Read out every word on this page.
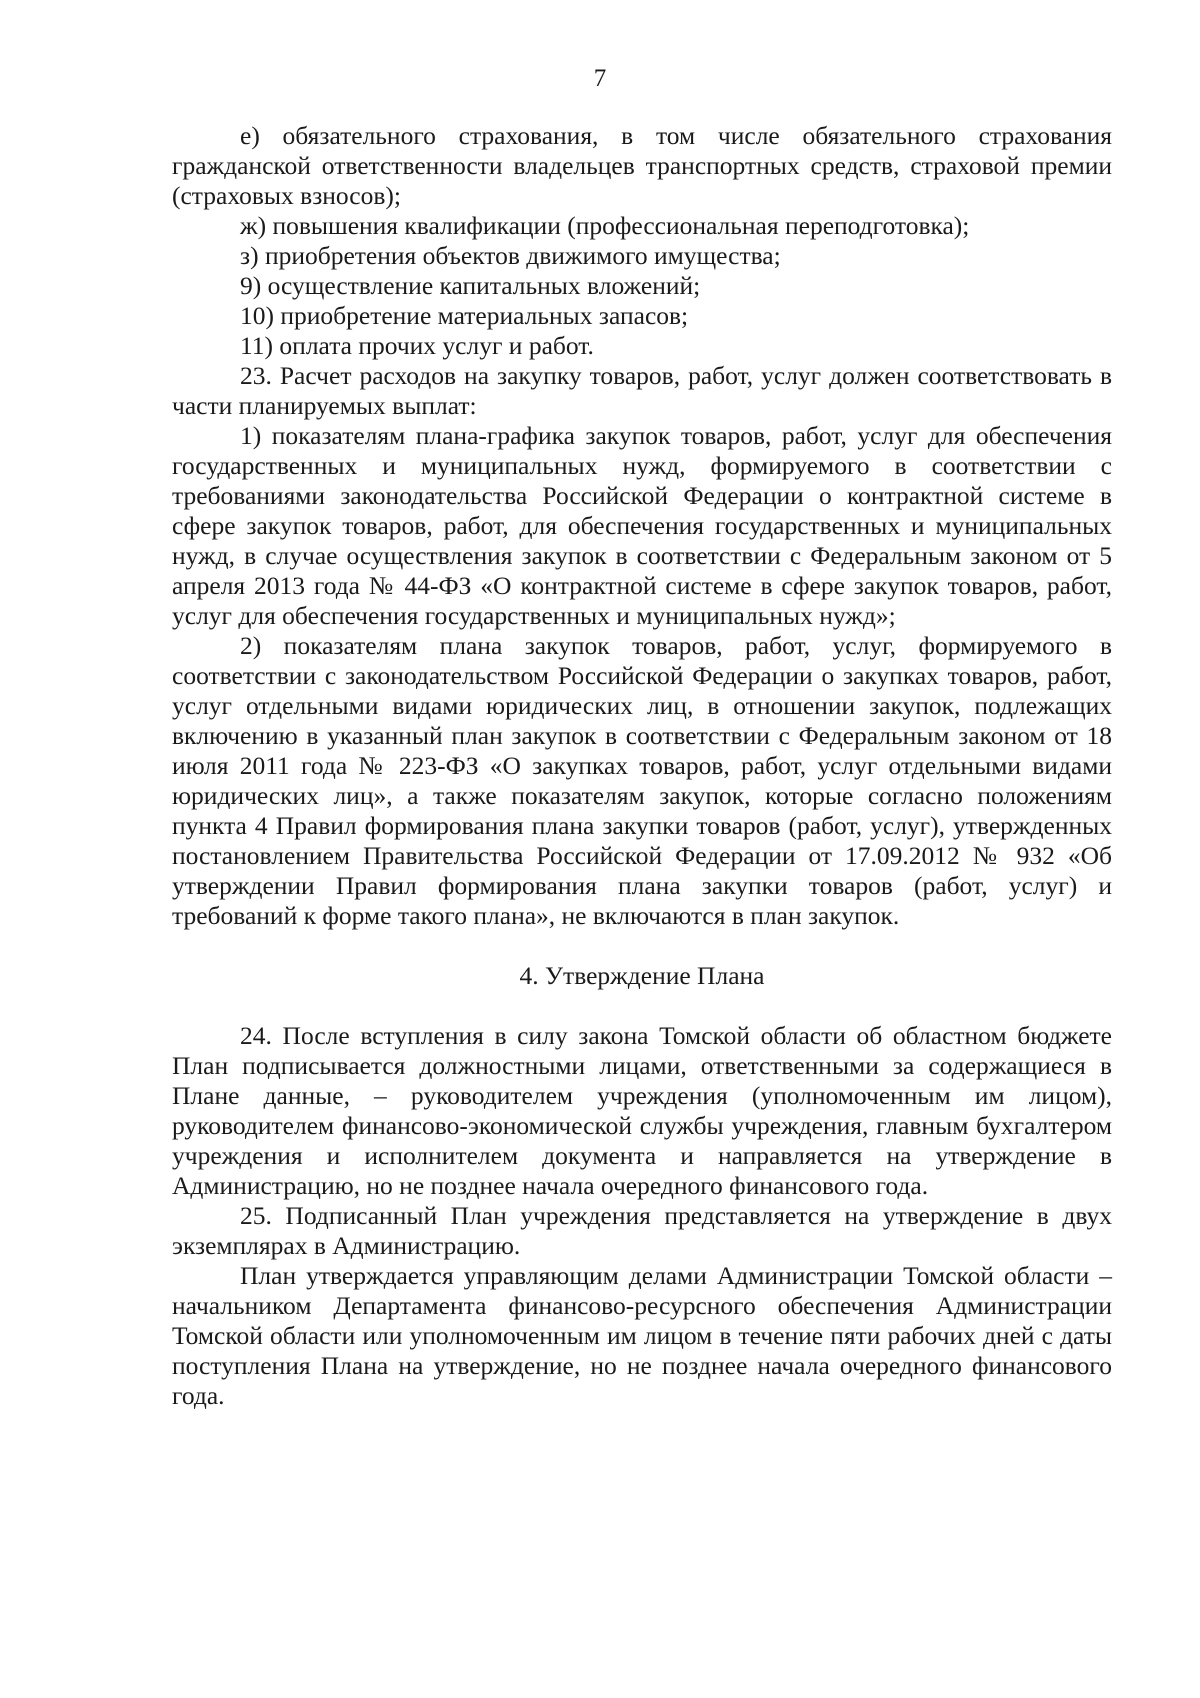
7

е) обязательного страхования, в том числе обязательного страхования гражданской ответственности владельцев транспортных средств, страховой премии (страховых взносов);

ж) повышения квалификации (профессиональная переподготовка);

з) приобретения объектов движимого имущества;

9) осуществление капитальных вложений;

10) приобретение материальных запасов;

11) оплата прочих услуг и работ.

23. Расчет расходов на закупку товаров, работ, услуг должен соответствовать в части планируемых выплат:

1) показателям плана-графика закупок товаров, работ, услуг для обеспечения государственных и муниципальных нужд, формируемого в соответствии с требованиями законодательства Российской Федерации о контрактной системе в сфере закупок товаров, работ, для обеспечения государственных и муниципальных нужд, в случае осуществления закупок в соответствии с Федеральным законом от 5 апреля 2013 года № 44-ФЗ «О контрактной системе в сфере закупок товаров, работ, услуг для обеспечения государственных и муниципальных нужд»;

2) показателям плана закупок товаров, работ, услуг, формируемого в соответствии с законодательством Российской Федерации о закупках товаров, работ, услуг отдельными видами юридических лиц, в отношении закупок, подлежащих включению в указанный план закупок в соответствии с Федеральным законом от 18 июля 2011 года № 223-ФЗ «О закупках товаров, работ, услуг отдельными видами юридических лиц», а также показателям закупок, которые согласно положениям пункта 4 Правил формирования плана закупки товаров (работ, услуг), утвержденных постановлением Правительства Российской Федерации от 17.09.2012 № 932 «Об утверждении Правил формирования плана закупки товаров (работ, услуг) и требований к форме такого плана», не включаются в план закупок.

4. Утверждение Плана

24. После вступления в силу закона Томской области об областном бюджете План подписывается должностными лицами, ответственными за содержащиеся в Плане данные, – руководителем учреждения (уполномоченным им лицом), руководителем финансово-экономической службы учреждения, главным бухгалтером учреждения и исполнителем документа и направляется на утверждение в Администрацию, но не позднее начала очередного финансового года.

25. Подписанный План учреждения представляется на утверждение в двух экземплярах в Администрацию.

План утверждается управляющим делами Администрации Томской области – начальником Департамента финансово-ресурсного обеспечения Администрации Томской области или уполномоченным им лицом в течение пяти рабочих дней с даты поступления Плана на утверждение, но не позднее начала очередного финансового года.
